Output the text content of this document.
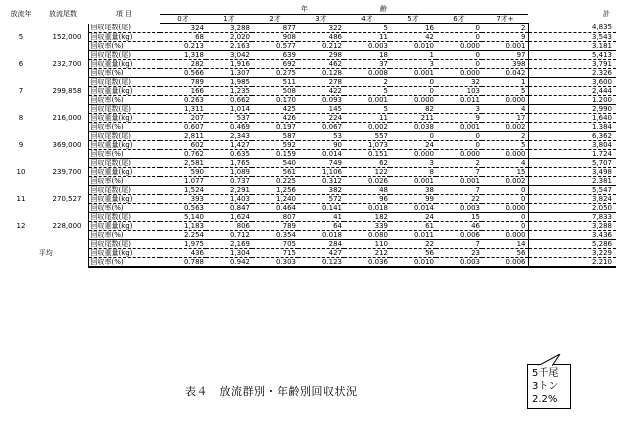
放流年	放流尾数	項 目	年 齢								計
			0才	1才	2才	3才	4才	5才	6才	7才+	
5	152,000	回収尾数(尾)	324	3,288	877	322	5	16	0	2	4,835
		回収重量(kg)	68	2,020	908	486	11	42	0	9	3,543
		回収率(%)	0.213	2.163	0.577	0.212	0.003	0.010	0.000	0.001	3.181
6	232,700	回収尾数(尾)	1,318	3,042	639	298	18	1	0	97	5,413
		回収重量(kg)	282	1,916	692	462	37	3	0	398	3,791
		回収率(%)	0.566	1.307	0.275	0.128	0.008	0.001	0.000	0.042	2.326
7	299,858	回収尾数(尾)	789	1,985	511	278	2	0	32	1	3,600
		回収重量(kg)	166	1,235	508	422	5	0	103	5	2,444
		回収率(%)	0.263	0.662	0.170	0.093	0.001	0.000	0.011	0.000	1.200
8	216,000	回収尾数(尾)	1,311	1,014	425	145	5	82	3	4	2,990
		回収重量(kg)	207	537	426	224	11	211	9	17	1,640
		回収率(%)	0.607	0.469	0.197	0.067	0.002	0.038	0.001	0.002	1.384
9	369,000	回収尾数(尾)	2,811	2,343	587	53	557	0	0	2	6,362
		回収重量(kg)	602	1,427	592	90	1,073	24	0	5	3,804
		回収率(%)	0.762	0.635	0.159	0.014	0.151	0.000	0.000	0.000	1.724
10	239,700	回収尾数(尾)	2,581	1,765	540	749	62	3	2	4	5,707
		回収重量(kg)	590	1,089	561	1,106	122	8	7	15	3,498
		回収率(%)	1.077	0.737	0.225	0.312	0.026	0.001	0.001	0.002	2.381
11	270,527	回収尾数(尾)	1,524	2,291	1,256	382	48	38	7	0	5,547
		回収重量(kg)	393	1,403	1,240	572	96	99	22	0	3,824
		回収率(%)	0.563	0.847	0.464	0.141	0.018	0.014	0.003	0.000	2.050
12	228,000	回収尾数(尾)	5,140	1,624	807	41	182	24	15	0	7,833
		回収重量(kg)	1,183	806	789	64	339	61	46	0	3,288
		回収率(%)	2.254	0.712	0.354	0.018	0.080	0.011	0.006	0.000	3.436
平均		回収尾数(尾)	1,975	2,169	705	284	110	22	7	14	5,286
		回収重量(kg)	436	1,304	715	427	212	56	23	56	3,229
		回収率(%)	0.788	0.942	0.303	0.123	0.036	0.010	0.003	0.006	2.210
表４　放流群別・年齢別回収状況
5千尾
3トン
2.2%
